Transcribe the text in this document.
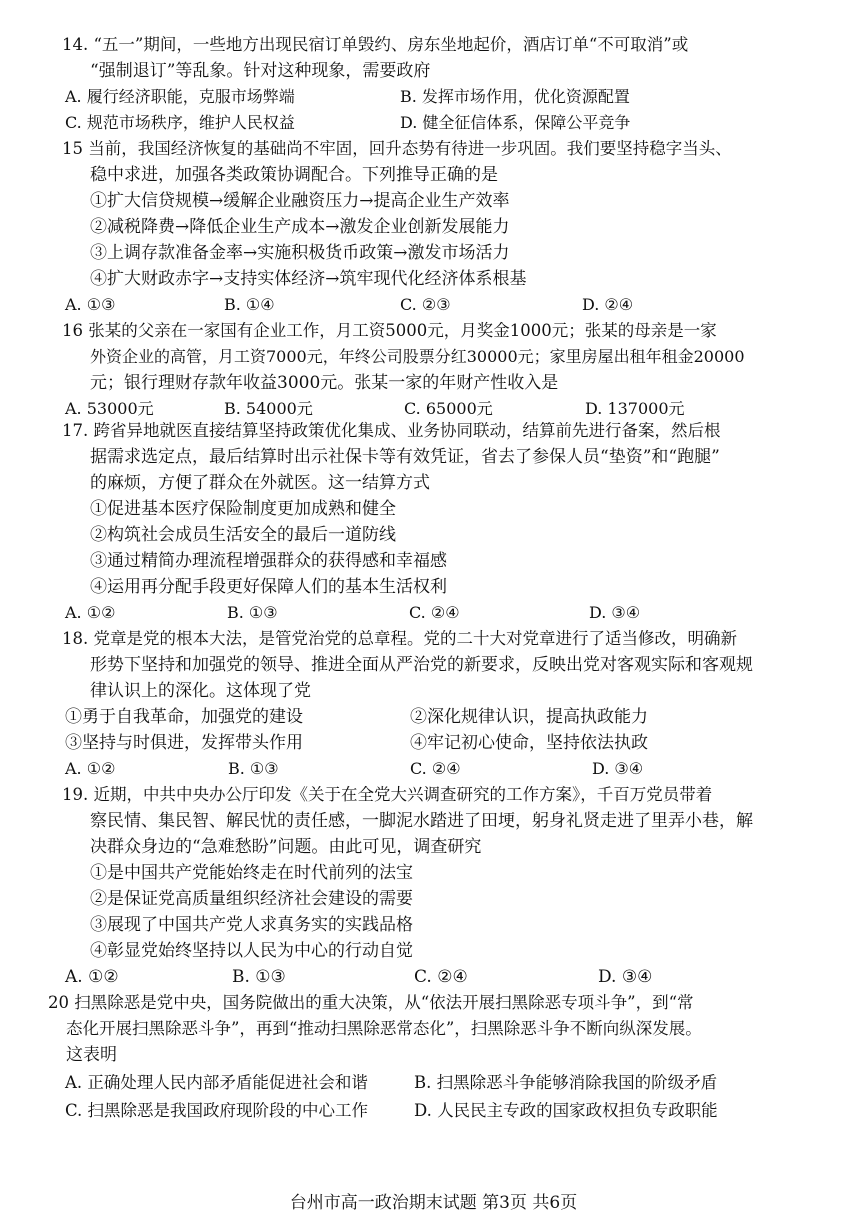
14. “五一”期间，一些地方出现民宿订单毁约、房东坐地起价，酒店订单“不可取消”或
“强制退订”等乱象。针对这种现象，需要政府
A. 履行经济职能，克服市场弊端	B. 发挥市场作用，优化资源配置
C. 规范市场秩序，维护人民权益	D. 健全征信体系，保障公平竞争
15 当前，我国经济恢复的基础尚不牢固，回升态势有待进一步巩固。我们要坚持稳字当头、
稳中求进，加强各类政策协调配合。下列推导正确的是
①扩大信贷规模→缓解企业融资压力→提高企业生产效率
②减税降费→降低企业生产成本→激发企业创新发展能力
③上调存款准备金率→实施积极货币政策→激发市场活力
④扩大财政赤字→支持实体经济→筑牢现代化经济体系根基
A. ①③	B. ①④	C. ②③	D. ②④
16 张某的父亲在一家国有企业工作，月工资5000元，月奖金1000元；张某的母亲是一家
外资企业的高管，月工资7000元，年终公司股票分红30000元；家里房屋出租年租金20000
元；银行理财存款年收益3000元。张某一家的年财产性收入是
A. 53000元	B. 54000元	C. 65000元	D. 137000元
17. 跨省异地就医直接结算坚持政策优化集成、业务协同联动，结算前先进行备案，然后根
据需求选定点，最后结算时出示社保卡等有效凭证，省去了参保人员“垫资”和“跑腿”
的麻烦，方便了群众在外就医。这一结算方式
①促进基本医疗保险制度更加成熟和健全
②构筑社会成员生活安全的最后一道防线
③通过精简办理流程增强群众的获得感和幸福感
④运用再分配手段更好保障人们的基本生活权利
A. ①②	B. ①③	C. ②④	D. ③④
18. 党章是党的根本大法，是管党治党的总章程。党的二十大对党章进行了适当修改，明确新
形势下坚持和加强党的领导、推进全面从严治党的新要求，反映出党对客观实际和客观规
律认识上的深化。这体现了党
①勇于自我革命，加强党的建设	②深化规律认识，提高执政能力
③坚持与时俱进，发挥带头作用	④牢记初心使命，坚持依法执政
A. ①②	B. ①③	C. ②④	D. ③④
19. 近期，中共中央办公厅印发《关于在全党大兴调查研究的工作方案》，千百万党员带着
察民情、集民智、解民忧的责任感，一脚泥水踏进了田埂，躬身礼贤走进了里弄小巷，解
决群众身边的“急难愁盼”问题。由此可见，调查研究
①是中国共产党能始终走在时代前列的法宝
②是保证党高质量组织经济社会建设的需要
③展现了中国共产党人求真务实的实践品格
④彰显党始终坚持以人民为中心的行动自觉
A. ①②	B. ①③	C. ②④	D. ③④
20 扫黑除恶是党中央，国务院做出的重大决策，从“依法开展扫黑除恶专项斗争”，到“常
态化开展扫黑除恶斗争”，再到“推动扫黑除恶常态化”，扫黑除恶斗争不断向纵深发展。
这表明
A. 正确处理人民内部矛盾能促进社会和谐	B. 扫黑除恶斗争能够消除我国的阶级矛盾
C. 扫黑除恶是我国政府现阶段的中心工作	D. 人民民主专政的国家政权担负专政职能
台州市高一政治期末试题 第3页 共6页
